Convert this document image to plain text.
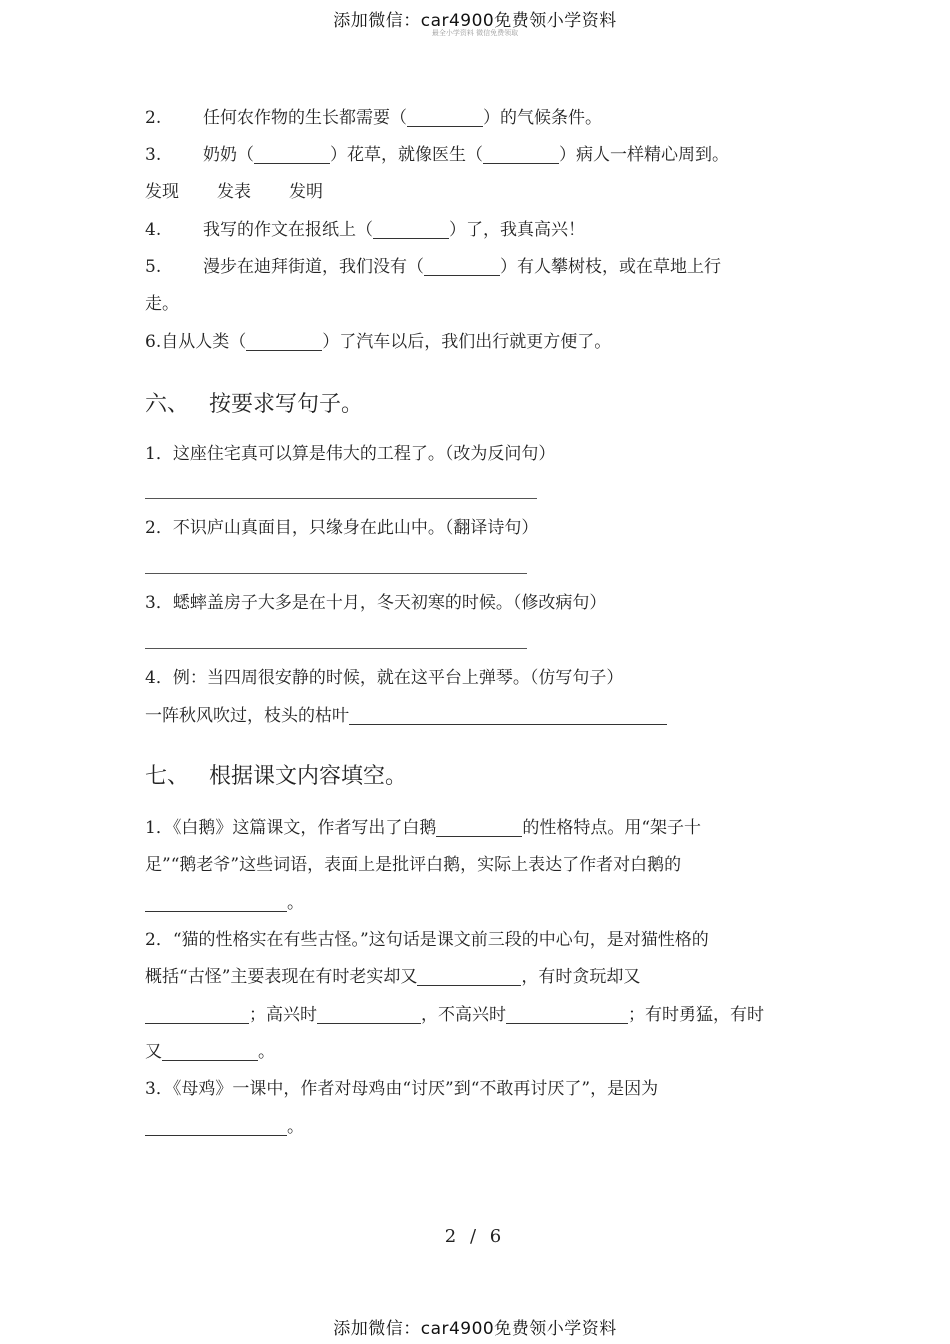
添加微信：car4900免费领小学资料
最全小学资料 微信免费领取
2. 任何农作物的生长都需要（	）的气候条件。
3. 奶奶（	）花草，就像医生（	）病人一样精心周到。
发现 发表 发明
4. 我写的作文在报纸上（	）了，我真高兴！
5. 漫步在迪拜街道，我们没有（	）有人攀树枝，或在草地上行
走。
6.自从人类（	）了汽车以后，我们出行就更方便了。
六、 按要求写句子。
1．这座住宅真可以算是伟大的工程了。（改为反问句）
2．不识庐山真面目，只缘身在此山中。（翻译诗句）
3．蟋蟀盖房子大多是在十月，冬天初寒的时候。（修改病句）
4．例：当四周很安静的时候，就在这平台上弹琴。（仿写句子）
一阵秋风吹过，枝头的枯叶
七、 根据课文内容填空。
1．《白鹅》这篇课文，作者写出了白鹅	的性格特点。用“架子十
足”“鹅老爷”这些词语，表面上是批评白鹅，实际上表达了作者对白鹅的
。
2．“猫的性格实在有些古怪。”这句话是课文前三段的中心句，是对猫性格的
概括“古怪”主要表现在有时老实却又	，有时贪玩却又
；高兴时	，不高兴时	；有时勇猛，有时
又	。
3．《母鸡》一课中，作者对母鸡由“讨厌”到“不敢再讨厌了”，是因为
。
2 / 6
添加微信：car4900免费领小学资料
